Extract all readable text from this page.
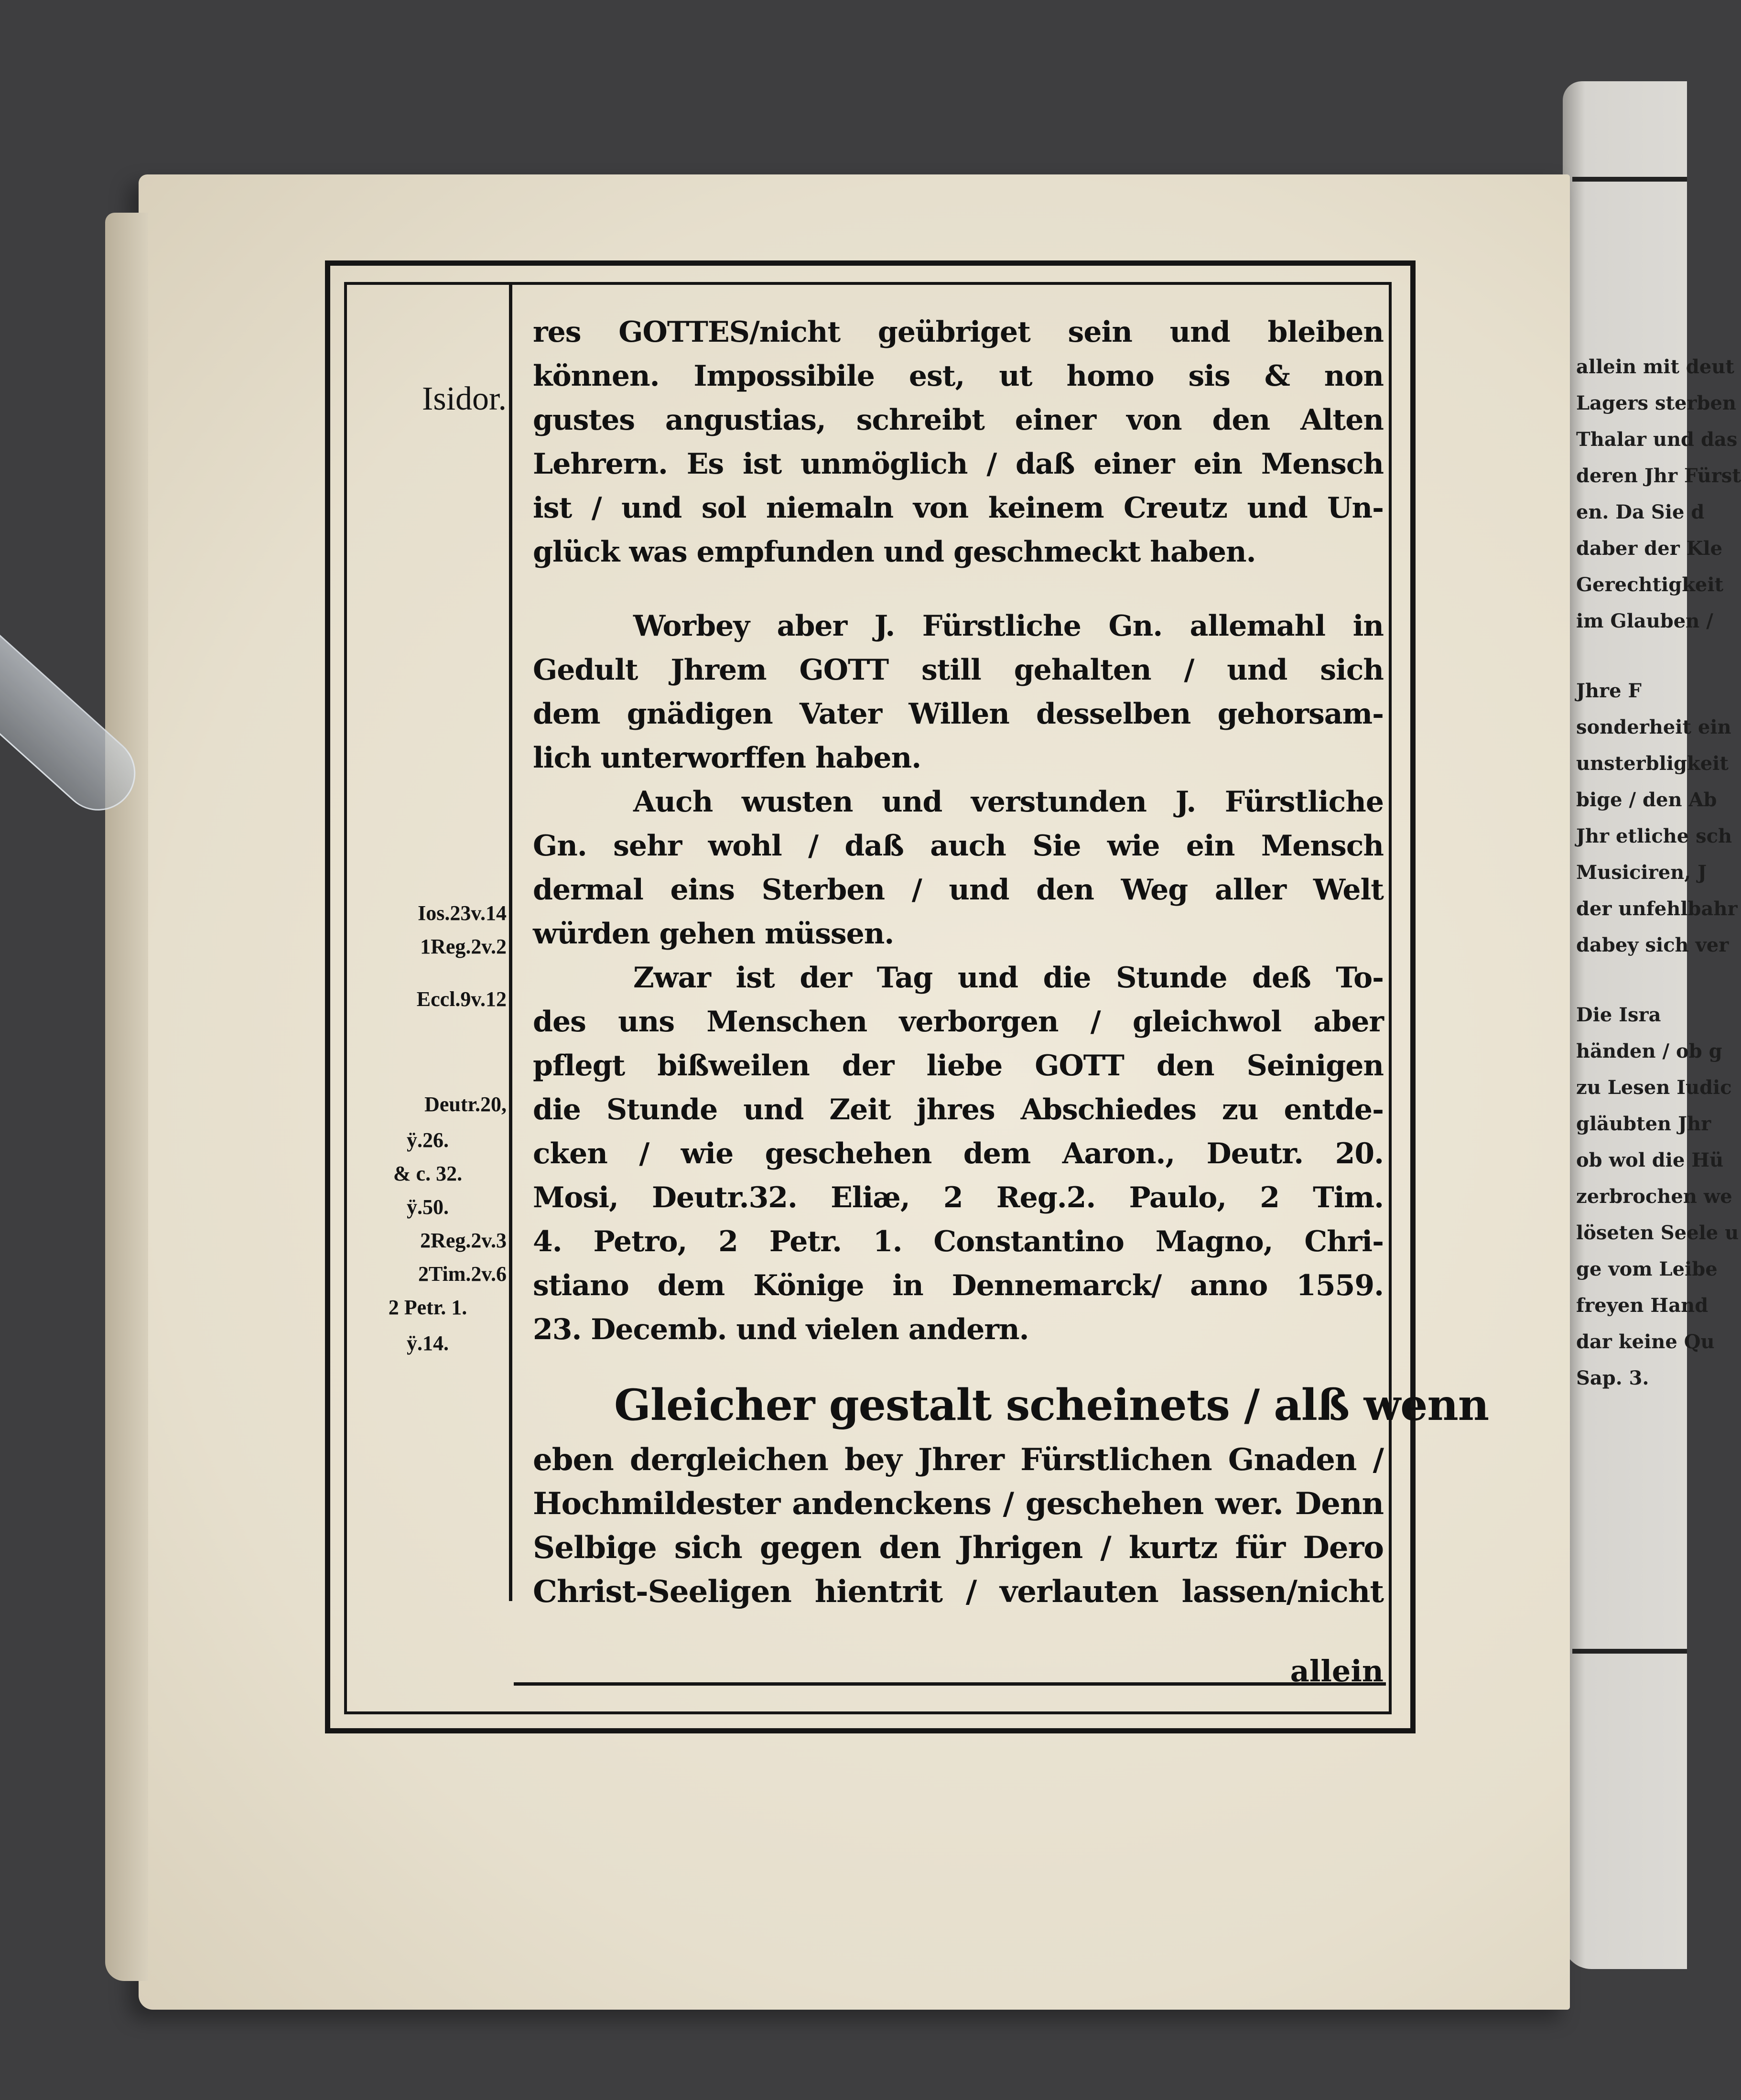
allein mit deut
Lagers sterben
Thalar und das
deren Jhr Fürst
en. Da Sie d
daber der Kle
Gerechtigkeit
im Glauben /
Jhre F
sonderheit ein
unsterbligkeit
bige / den Ab
Jhr etliche sch
Musiciren, J
der unfehlbahr
dabey sich ver
Die Isra
händen / ob g
zu Lesen Iudic
gläubten Jhr
ob wol die Hü
zerbrochen we
löseten Seele u
ge vom Leibe
freyen Hand
dar keine Qu
Sap. 3.
Isidor.
Ios.23v.14
1Reg.2v.2
Eccl.9v.12
Deutr.20,
ÿ.26.
& c. 32.
ÿ.50.
2Reg.2v.3
2Tim.2v.6
2 Petr. 1.
ÿ.14.
res GOTTES/nicht geübriget sein und bleiben
können. Impossibile est, ut homo sis & non
gustes angustias, schreibt einer von den Alten
Lehrern. Es ist unmöglich / daß einer ein Mensch
ist / und sol niemaln von keinem Creutz und Un-
glück was empfunden und geschmeckt haben.
Worbey aber J. Fürstliche Gn. allemahl in
Gedult Jhrem GOTT still gehalten / und sich
dem gnädigen Vater Willen desselben gehorsam-
lich unterworffen haben.
Auch wusten und verstunden J. Fürstliche
Gn. sehr wohl / daß auch Sie wie ein Mensch
dermal eins Sterben / und den Weg aller Welt
würden gehen müssen.
Zwar ist der Tag und die Stunde deß To-
des uns Menschen verborgen / gleichwol aber
pflegt bißweilen der liebe GOTT den Seinigen
die Stunde und Zeit jhres Abschiedes zu entde-
cken / wie geschehen dem Aaron., Deutr. 20.
Mosi, Deutr.32. Eliæ, 2 Reg.2. Paulo, 2 Tim.
4. Petro, 2 Petr. 1. Constantino Magno, Chri-
stiano dem Könige in Dennemarck/ anno 1559.
23. Decemb. und vielen andern.
Gleicher gestalt scheinets / alß wenn
eben dergleichen bey Jhrer Fürstlichen Gnaden /
Hochmildester andenckens / geschehen wer. Denn
Selbige sich gegen den Jhrigen / kurtz für Dero
Christ-Seeligen hientrit / verlauten lassen/nicht
allein
